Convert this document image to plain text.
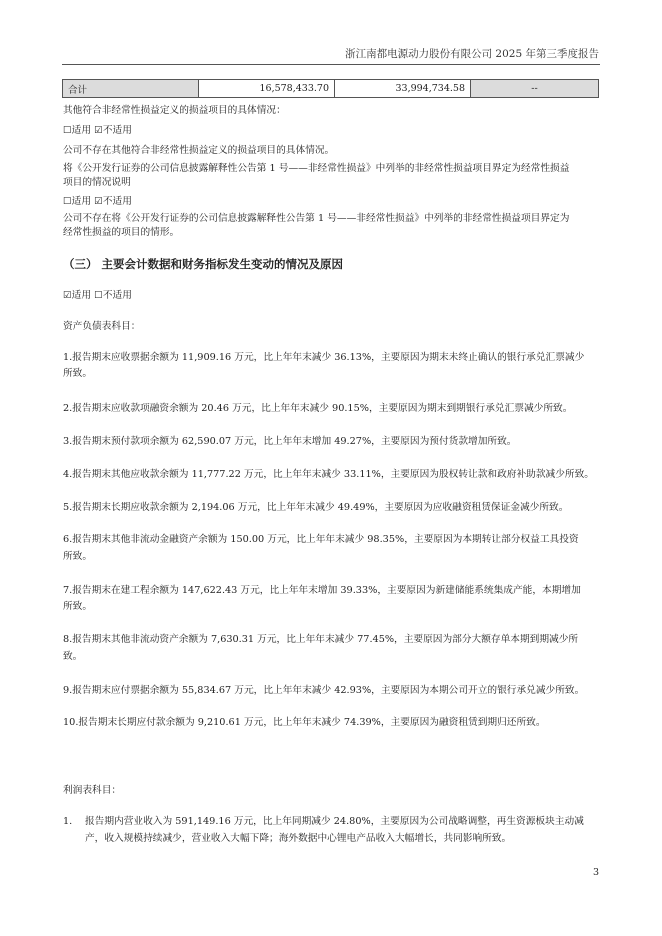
浙江南都电源动力股份有限公司 2025 年第三季度报告
合计	16,578,433.70	33,994,734.58	--
其他符合非经常性损益定义的损益项目的具体情况：
☐适用 ☑不适用
公司不存在其他符合非经常性损益定义的损益项目的具体情况。
将《公开发行证券的公司信息披露解释性公告第 1 号——非经常性损益》中列举的非经常性损益项目界定为经常性损益
项目的情况说明
☐适用 ☑不适用
公司不存在将《公开发行证券的公司信息披露解释性公告第 1 号——非经常性损益》中列举的非经常性损益项目界定为
经常性损益的项目的情形。
（三） 主要会计数据和财务指标发生变动的情况及原因
☑适用 ☐不适用
资产负债表科目：
1.报告期末应收票据余额为 11,909.16 万元，比上年年末减少 36.13%，主要原因为期末未终止确认的银行承兑汇票减少
所致。
2.报告期末应收款项融资余额为 20.46 万元，比上年年末减少 90.15%，主要原因为期末到期银行承兑汇票减少所致。
3.报告期末预付款项余额为 62,590.07 万元，比上年年末增加 49.27%，主要原因为预付货款增加所致。
4.报告期末其他应收款余额为 11,777.22 万元，比上年年末减少 33.11%，主要原因为股权转让款和政府补助款减少所致。
5.报告期末长期应收款余额为 2,194.06 万元，比上年年末减少 49.49%，主要原因为应收融资租赁保证金减少所致。
6.报告期末其他非流动金融资产余额为 150.00 万元，比上年年末减少 98.35%，主要原因为本期转让部分权益工具投资
所致。
7.报告期末在建工程余额为 147,622.43 万元，比上年年末增加 39.33%，主要原因为新建储能系统集成产能，本期增加
所致。
8.报告期末其他非流动资产余额为 7,630.31 万元，比上年年末减少 77.45%，主要原因为部分大额存单本期到期减少所
致。
9.报告期末应付票据余额为 55,834.67 万元，比上年年末减少 42.93%，主要原因为本期公司开立的银行承兑减少所致。
10.报告期末长期应付款余额为 9,210.61 万元，比上年年末减少 74.39%，主要原因为融资租赁到期归还所致。
利润表科目：
1. 报告期内营业收入为 591,149.16 万元，比上年同期减少 24.80%，主要原因为公司战略调整，再生资源板块主动减
产，收入规模持续减少，营业收入大幅下降；海外数据中心锂电产品收入大幅增长，共同影响所致。
3
